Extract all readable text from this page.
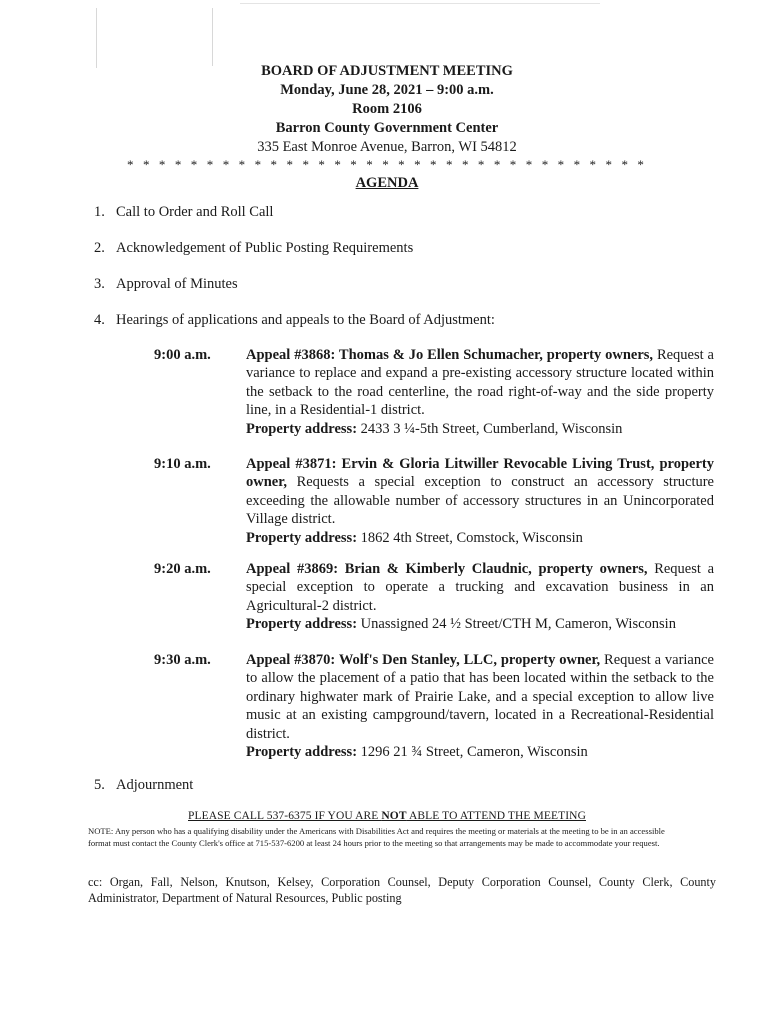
BOARD OF ADJUSTMENT MEETING
Monday, June 28, 2021 – 9:00 a.m.
Room 2106
Barron County Government Center
335 East Monroe Avenue, Barron, WI 54812
* * * * * * * * * * * * * * * * * * * * * * * * * * * * * * * * *
AGENDA
1. Call to Order and Roll Call
2. Acknowledgement of Public Posting Requirements
3. Approval of Minutes
4. Hearings of applications and appeals to the Board of Adjustment:
9:00 a.m. Appeal #3868: Thomas & Jo Ellen Schumacher, property owners, Request a variance to replace and expand a pre-existing accessory structure located within the setback to the road centerline, the road right-of-way and the side property line, in a Residential-1 district.
Property address: 2433 3 ¼-5th Street, Cumberland, Wisconsin
9:10 a.m. Appeal #3871: Ervin & Gloria Litwiller Revocable Living Trust, property owner, Requests a special exception to construct an accessory structure exceeding the allowable number of accessory structures in an Unincorporated Village district.
Property address: 1862 4th Street, Comstock, Wisconsin
9:20 a.m. Appeal #3869: Brian & Kimberly Claudnic, property owners, Request a special exception to operate a trucking and excavation business in an Agricultural-2 district.
Property address: Unassigned 24 ½ Street/CTH M, Cameron, Wisconsin
9:30 a.m. Appeal #3870: Wolf's Den Stanley, LLC, property owner, Request a variance to allow the placement of a patio that has been located within the setback to the ordinary highwater mark of Prairie Lake, and a special exception to allow live music at an existing campground/tavern, located in a Recreational-Residential district.
Property address: 1296 21 ¾ Street, Cameron, Wisconsin
5. Adjournment
PLEASE CALL 537-6375 IF YOU ARE NOT ABLE TO ATTEND THE MEETING
NOTE: Any person who has a qualifying disability under the Americans with Disabilities Act and requires the meeting or materials at the meeting to be in an accessible format must contact the County Clerk's office at 715-537-6200 at least 24 hours prior to the meeting so that arrangements may be made to accommodate your request.
cc: Organ, Fall, Nelson, Knutson, Kelsey, Corporation Counsel, Deputy Corporation Counsel, County Clerk, County Administrator, Department of Natural Resources, Public posting
